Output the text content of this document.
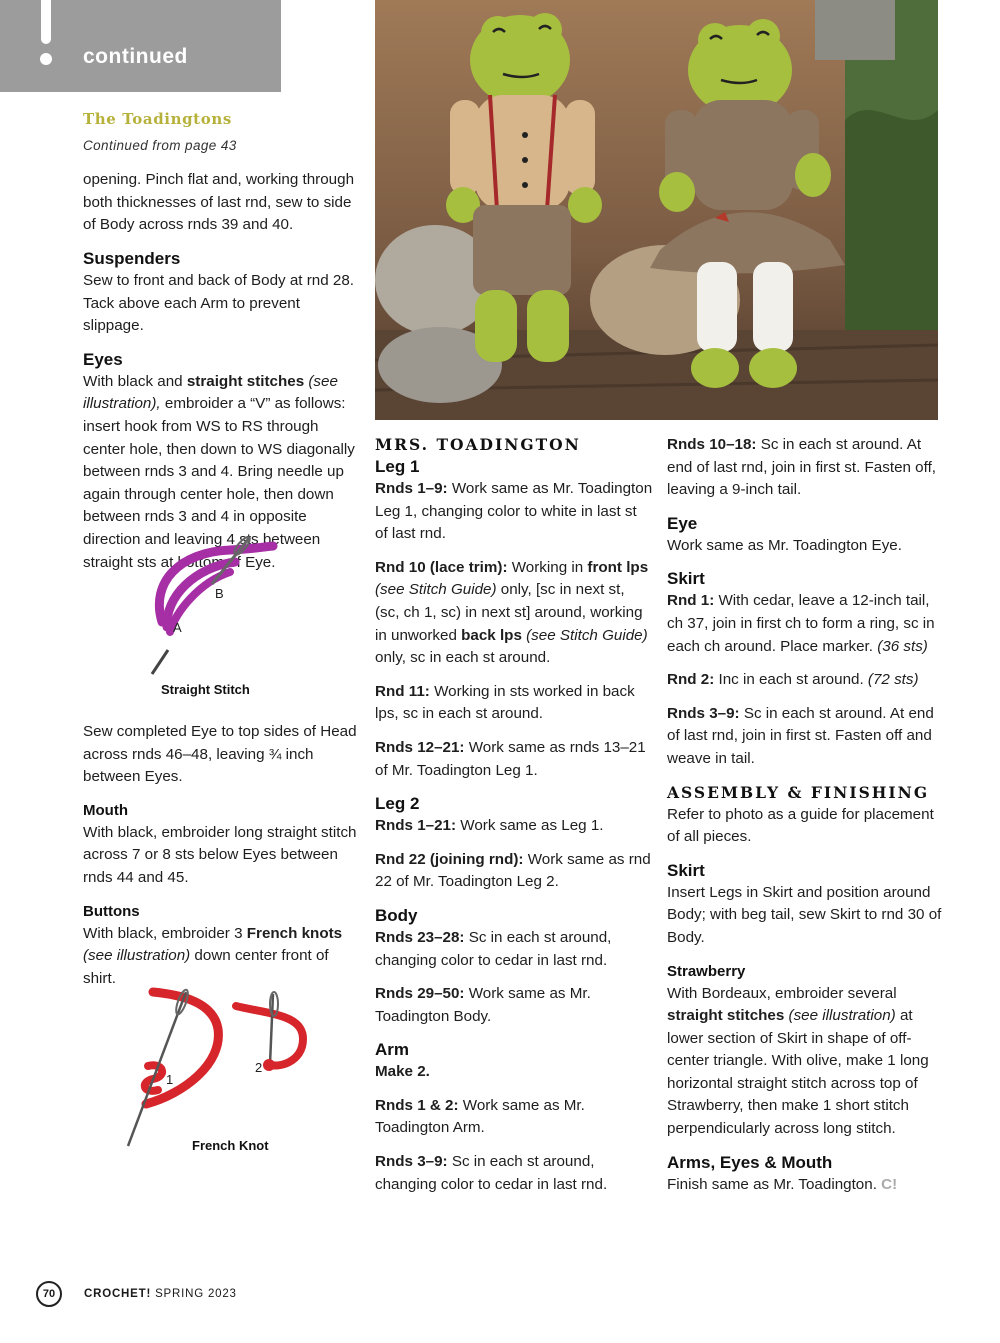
continued
The Toadingtons
Continued from page 43

opening. Pinch flat and, working through both thicknesses of last rnd, sew to side of Body across rnds 39 and 40.

Suspenders

Sew to front and back of Body at rnd 28. Tack above each Arm to prevent slippage.

Eyes

With black and straight stitches (see illustration), embroider a “V” as follows: insert hook from WS to RS through center hole, then down to WS diagonally between rnds 3 and 4. Bring needle up again through center hole, then down between rnds 3 and 4 in opposite direction and leaving 4 sts between straight sts at bottom of Eye.

B
A
Straight Stitch

Sew completed Eye to top sides of Head across rnds 46–48, leaving ¾ inch between Eyes.

Mouth

With black, embroider long straight stitch across 7 or 8 sts below Eyes between rnds 44 and 45.

Buttons

With black, embroider 3 French knots (see illustration) down center front of shirt.

1
2
French Knot
MRS. TOADINGTON
Leg 1

Rnds 1–9: Work same as Mr. Toadington Leg 1, changing color to white in last st of last rnd.

Rnd 10 (lace trim): Working in front lps (see Stitch Guide) only, [sc in next st, (sc, ch 1, sc) in next st] around, working in unworked back lps (see Stitch Guide) only, sc in each st around.

Rnd 11: Working in sts worked in back lps, sc in each st around.

Rnds 12–21: Work same as rnds 13–21 of Mr. Toadington Leg 1.

Leg 2

Rnds 1–21: Work same as Leg 1.

Rnd 22 (joining rnd): Work same as rnd 22 of Mr. Toadington Leg 2.

Body

Rnds 23–28: Sc in each st around, changing color to cedar in last rnd.

Rnds 29–50: Work same as Mr. Toadington Body.

Arm

Make 2.

Rnds 1 & 2: Work same as Mr. Toadington Arm.

Rnds 3–9: Sc in each st around, changing color to cedar in last rnd.

Rnds 10–18: Sc in each st around. At end of last rnd, join in first st. Fasten off, leaving a 9-inch tail.

Eye

Work same as Mr. Toadington Eye.

Skirt

Rnd 1: With cedar, leave a 12-inch tail, ch 37, join in first ch to form a ring, sc in each ch around. Place marker. (36 sts)

Rnd 2: Inc in each st around. (72 sts)

Rnds 3–9: Sc in each st around. At end of last rnd, join in first st. Fasten off and weave in tail.

ASSEMBLY & FINISHING

Refer to photo as a guide for placement of all pieces.

Skirt

Insert Legs in Skirt and position around Body; with beg tail, sew Skirt to rnd 30 of Body.

Strawberry

With Bordeaux, embroider several straight stitches (see illustration) at lower section of Skirt in shape of off-center triangle. With olive, make 1 long horizontal straight stitch across top of Strawberry, then make 1 short stitch perpendicularly across long stitch.

Arms, Eyes & Mouth

Finish same as Mr. Toadington. C!

70	CROCHET! SPRING 2023
